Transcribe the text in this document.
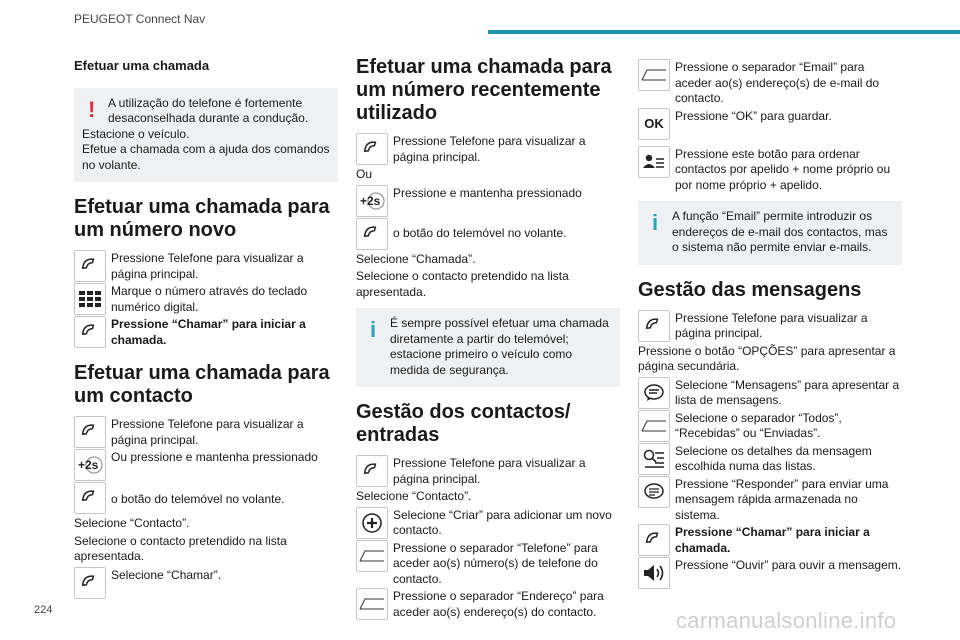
PEUGEOT Connect Nav
Efetuar uma chamada
! A utilização do telefone é fortemente desaconselhada durante a condução.
Estacione o veículo.
Efetue a chamada com a ajuda dos comandos no volante.
Efetuar uma chamada para um número novo
Pressione Telefone para visualizar a página principal.
Marque o número através do teclado numérico digital.
Pressione “Chamar” para iniciar a chamada.
Efetuar uma chamada para um contacto
Pressione Telefone para visualizar a página principal.
+2s
Ou pressione e mantenha pressionado
o botão do telemóvel no volante.
Selecione “Contacto”.
Selecione o contacto pretendido na lista apresentada.
Selecione “Chamar”.
Efetuar uma chamada para um número recentemente utilizado
Pressione Telefone para visualizar a página principal.
Ou
+2s
Pressione e mantenha pressionado
o botão do telemóvel no volante.
Selecione “Chamada”.
Selecione o contacto pretendido na lista apresentada.
i É sempre possível efetuar uma chamada diretamente a partir do telemóvel; estacione primeiro o veículo como medida de segurança.
Gestão dos contactos/ entradas
Pressione Telefone para visualizar a página principal.
Selecione “Contacto”.
Selecione “Criar” para adicionar um novo contacto.
Pressione o separador “Telefone” para aceder ao(s) número(s) de telefone do contacto.
Pressione o separador “Endereço” para aceder ao(s) endereço(s) do contacto.
Pressione o separador “Email” para aceder ao(s) endereço(s) de e-mail do contacto.
OK
Pressione “OK” para guardar.
Pressione este botão para ordenar contactos por apelido + nome próprio ou por nome próprio + apelido.
i A função “Email” permite introduzir os endereços de e-mail dos contactos, mas o sistema não permite enviar e-mails.
Gestão das mensagens
Pressione Telefone para visualizar a página principal.
Pressione o botão “OPÇÕES” para apresentar a página secundária.
Selecione “Mensagens” para apresentar a lista de mensagens.
Selecione o separador “Todos”, “Recebidas” ou “Enviadas”.
Selecione os detalhes da mensagem escolhida numa das listas.
Pressione “Responder” para enviar uma mensagem rápida armazenada no sistema.
Pressione “Chamar” para iniciar a chamada.
Pressione “Ouvir” para ouvir a mensagem.
224	carmanualsonline.info
